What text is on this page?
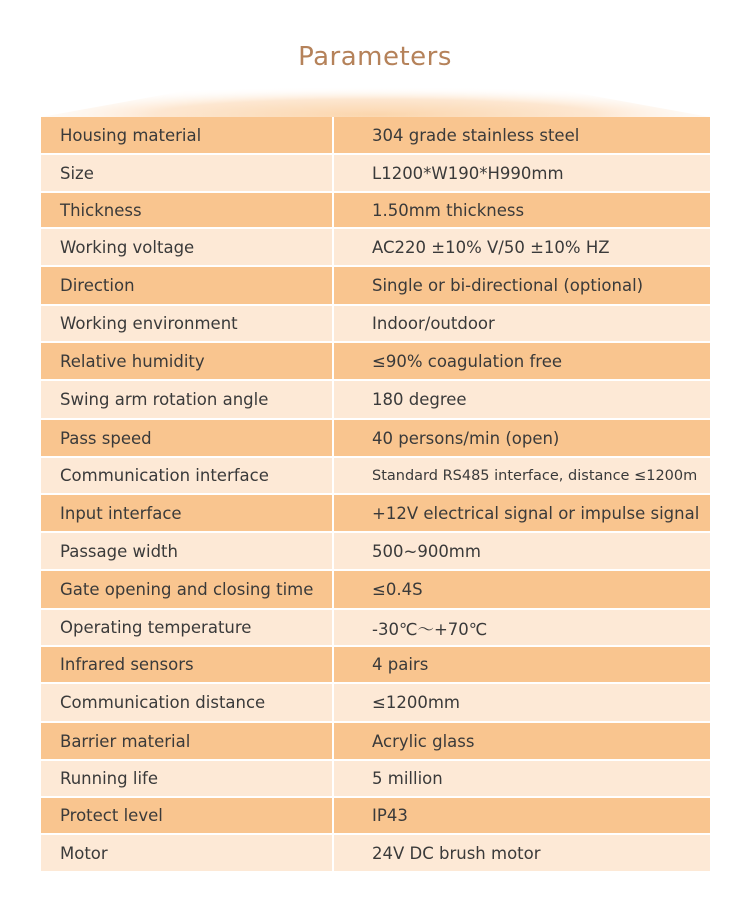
Parameters
Housing material	304 grade stainless steel
Size	L1200*W190*H990mm
Thickness	1.50mm thickness
Working voltage	AC220 ±10% V/50 ±10% HZ
Direction	Single or bi-directional (optional)
Working environment	Indoor/outdoor
Relative humidity	≤90% coagulation free
Swing arm rotation angle	180 degree
Pass speed	40 persons/min (open)
Communication interface	Standard RS485 interface, distance ≤1200m
Input interface	+12V electrical signal or impulse signal
Passage width	500~900mm
Gate opening and closing time	≤0.4S
Operating temperature	-30℃～+70℃
Infrared sensors	4 pairs
Communication distance	≤1200mm
Barrier material	Acrylic glass
Running life	5 million
Protect level	IP43
Motor	24V DC brush motor
